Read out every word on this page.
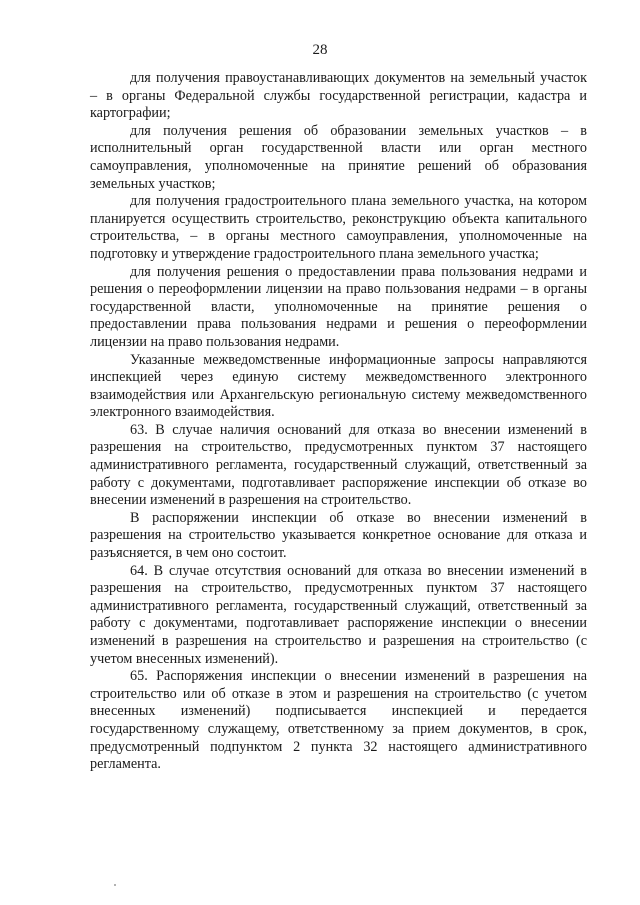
28

для получения правоустанавливающих документов на земельный участок – в органы Федеральной службы государственной регистрации, кадастра и картографии;

для получения решения об образовании земельных участков – в исполнительный орган государственной власти или орган местного самоуправления, уполномоченные на принятие решений об образования земельных участков;

для получения градостроительного плана земельного участка, на котором планируется осуществить строительство, реконструкцию объекта капитального строительства, – в органы местного самоуправления, уполномоченные на подготовку и утверждение градостроительного плана земельного участка;

для получения решения о предоставлении права пользования недрами и решения о переоформлении лицензии на право пользования недрами – в органы государственной власти, уполномоченные на принятие решения о предоставлении права пользования недрами и решения о переоформлении лицензии на право пользования недрами.

Указанные межведомственные информационные запросы направляются инспекцией через единую систему межведомственного электронного взаимодействия или Архангельскую региональную систему межведомственного электронного взаимодействия.

63. В случае наличия оснований для отказа во внесении изменений в разрешения на строительство, предусмотренных пунктом 37 настоящего административного регламента, государственный служащий, ответственный за работу с документами, подготавливает распоряжение инспекции об отказе во внесении изменений в разрешения на строительство.

В распоряжении инспекции об отказе во внесении изменений в разрешения на строительство указывается конкретное основание для отказа и разъясняется, в чем оно состоит.

64. В случае отсутствия оснований для отказа во внесении изменений в разрешения на строительство, предусмотренных пунктом 37 настоящего административного регламента, государственный служащий, ответственный за работу с документами, подготавливает распоряжение инспекции о внесении изменений в разрешения на строительство и разрешения на строительство (с учетом внесенных изменений).

65. Распоряжения инспекции о внесении изменений в разрешения на строительство или об отказе в этом и разрешения на строительство (с учетом внесенных изменений) подписывается инспекцией и передается государственному служащему, ответственному за прием документов, в срок, предусмотренный подпунктом 2 пункта 32 настоящего административного регламента.
